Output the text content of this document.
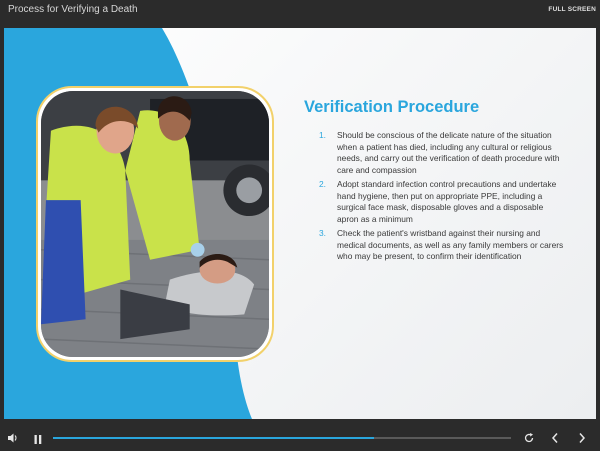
Process for Verifying a Death	FULL SCREEN
Verification Procedure
1. Should be conscious of the delicate nature of the situation when a patient has died, including any cultural or religious needs, and carry out the verification of death procedure with care and compassion
2. Adopt standard infection control precautions and undertake hand hygiene, then put on appropriate PPE, including a surgical face mask, disposable gloves and a disposable apron as a minimum
3. Check the patient's wristband against their nursing and medical documents, as well as any family members or carers who may be present, to confirm their identification
